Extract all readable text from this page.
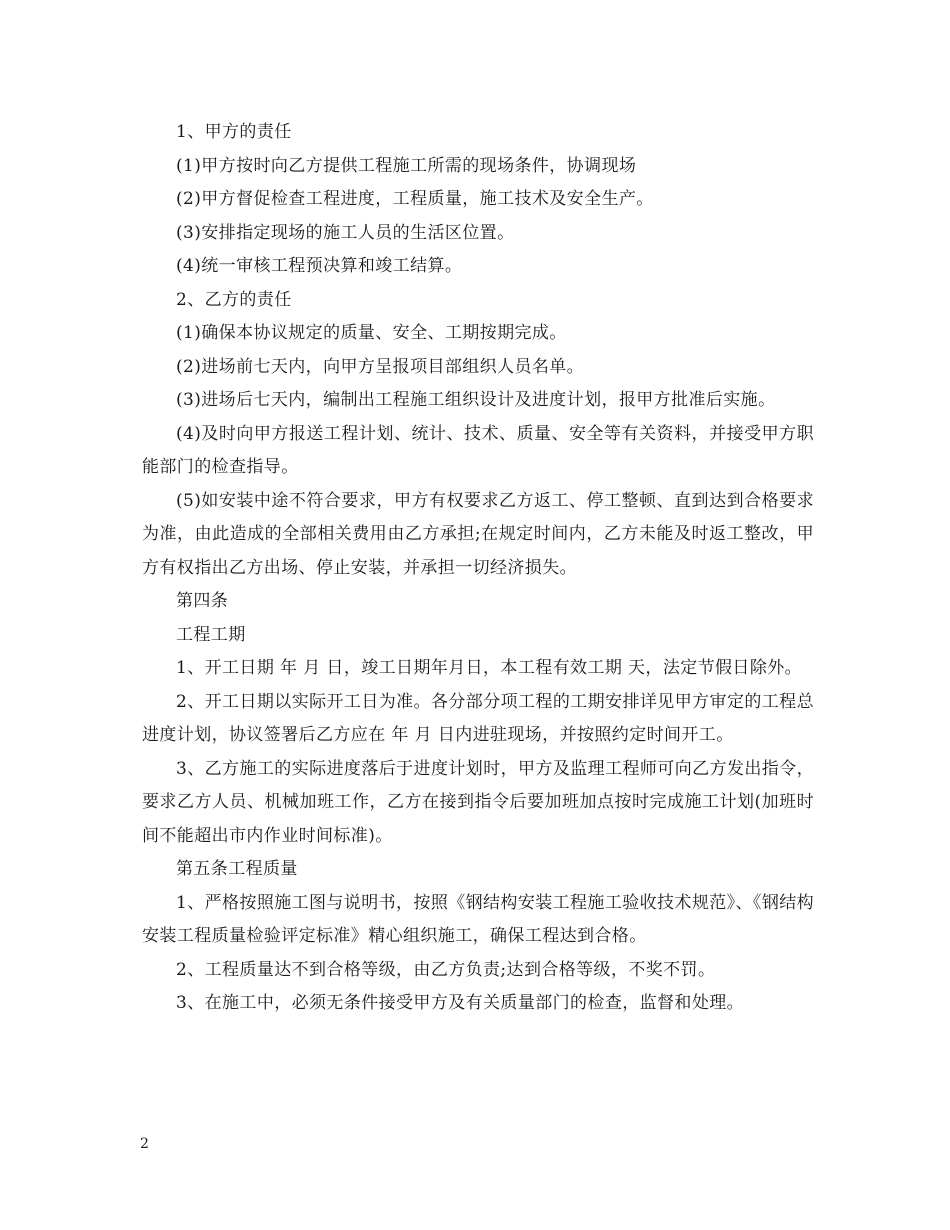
1、甲方的责任

(1)甲方按时向乙方提供工程施工所需的现场条件，协调现场

(2)甲方督促检查工程进度，工程质量，施工技术及安全生产。

(3)安排指定现场的施工人员的生活区位置。

(4)统一审核工程预决算和竣工结算。

2、乙方的责任

(1)确保本协议规定的质量、安全、工期按期完成。

(2)进场前七天内，向甲方呈报项目部组织人员名单。

(3)进场后七天内，编制出工程施工组织设计及进度计划，报甲方批准后实施。

(4)及时向甲方报送工程计划、统计、技术、质量、安全等有关资料，并接受甲方职能部门的检查指导。

(5)如安装中途不符合要求，甲方有权要求乙方返工、停工整顿、直到达到合格要求为准，由此造成的全部相关费用由乙方承担;在规定时间内，乙方未能及时返工整改，甲方有权指出乙方出场、停止安装，并承担一切经济损失。

第四条

工程工期

1、开工日期 年 月 日，竣工日期年月日，本工程有效工期 天，法定节假日除外。

2、开工日期以实际开工日为准。各分部分项工程的工期安排详见甲方审定的工程总进度计划，协议签署后乙方应在 年 月 日内进驻现场，并按照约定时间开工。

3、乙方施工的实际进度落后于进度计划时，甲方及监理工程师可向乙方发出指令，要求乙方人员、机械加班工作，乙方在接到指令后要加班加点按时完成施工计划(加班时间不能超出市内作业时间标准)。

第五条工程质量

1、严格按照施工图与说明书，按照《钢结构安装工程施工验收技术规范》、《钢结构安装工程质量检验评定标准》精心组织施工，确保工程达到合格。

2、工程质量达不到合格等级，由乙方负责;达到合格等级，不奖不罚。

3、在施工中，必须无条件接受甲方及有关质量部门的检查，监督和处理。

2
